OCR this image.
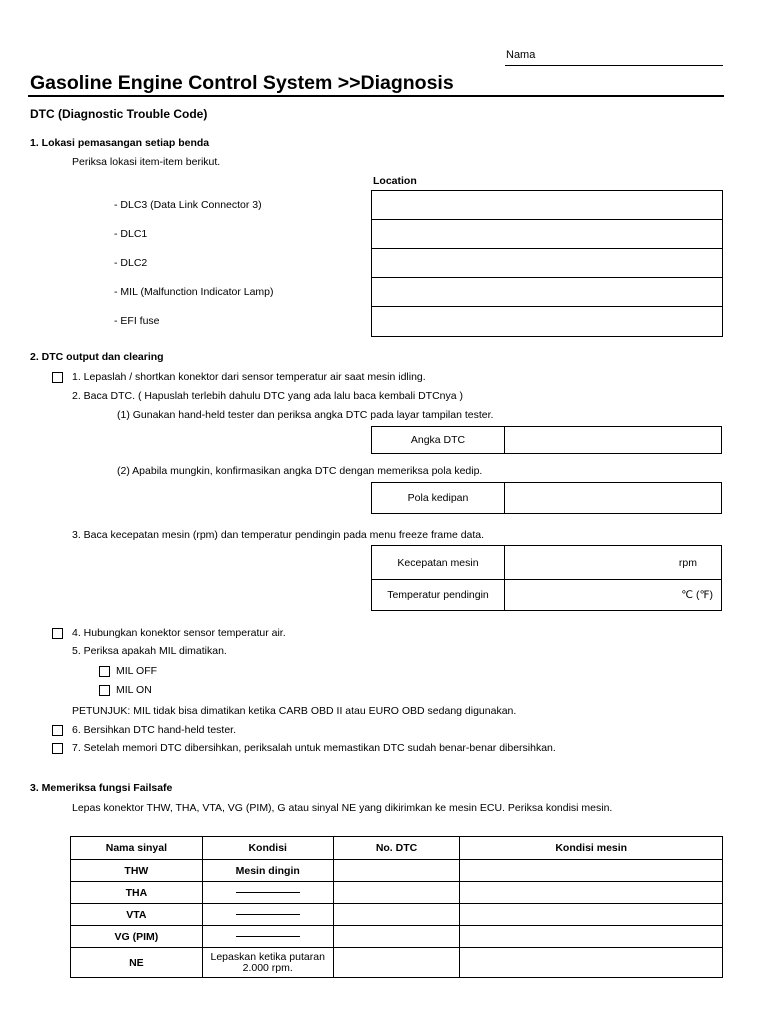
Nama
Gasoline Engine Control System >>Diagnosis
DTC (Diagnostic Trouble Code)
1. Lokasi pemasangan setiap benda
Periksa lokasi item-item berikut.
Location
- DLC3 (Data Link Connector 3)
- DLC1
- DLC2
- MIL (Malfunction Indicator Lamp)
- EFI fuse
2. DTC output dan clearing
1. Lepaslah / shortkan konektor dari sensor temperatur air saat mesin idling.
2. Baca DTC. ( Hapuslah terlebih dahulu DTC yang ada lalu baca kembali DTCnya )
(1) Gunakan hand-held tester dan periksa angka DTC pada layar tampilan tester.
Angka DTC
(2) Apabila mungkin, konfirmasikan angka DTC dengan memeriksa pola kedip.
Pola kedipan
3. Baca kecepatan mesin (rpm) dan temperatur pendingin pada menu freeze frame data.
Kecepatan mesin	rpm
Temperatur pendingin	℃ (℉)
4. Hubungkan konektor sensor temperatur air.
5. Periksa apakah MIL dimatikan.
MIL OFF
MIL ON
PETUNJUK: MIL tidak bisa dimatikan ketika CARB OBD II atau EURO OBD sedang digunakan.
6. Bersihkan DTC hand-held tester.
7. Setelah memori DTC dibersihkan, periksalah untuk memastikan DTC sudah benar-benar dibersihkan.
3. Memeriksa fungsi Failsafe
Lepas konektor THW, THA, VTA, VG (PIM), G atau sinyal NE yang dikirimkan ke mesin ECU. Periksa kondisi mesin.
Nama sinyal	Kondisi	No. DTC	Kondisi mesin
THW	Mesin dingin		
THA			
VTA			
VG (PIM)			
NE	Lepaskan ketika putaran 2.000 rpm.		
